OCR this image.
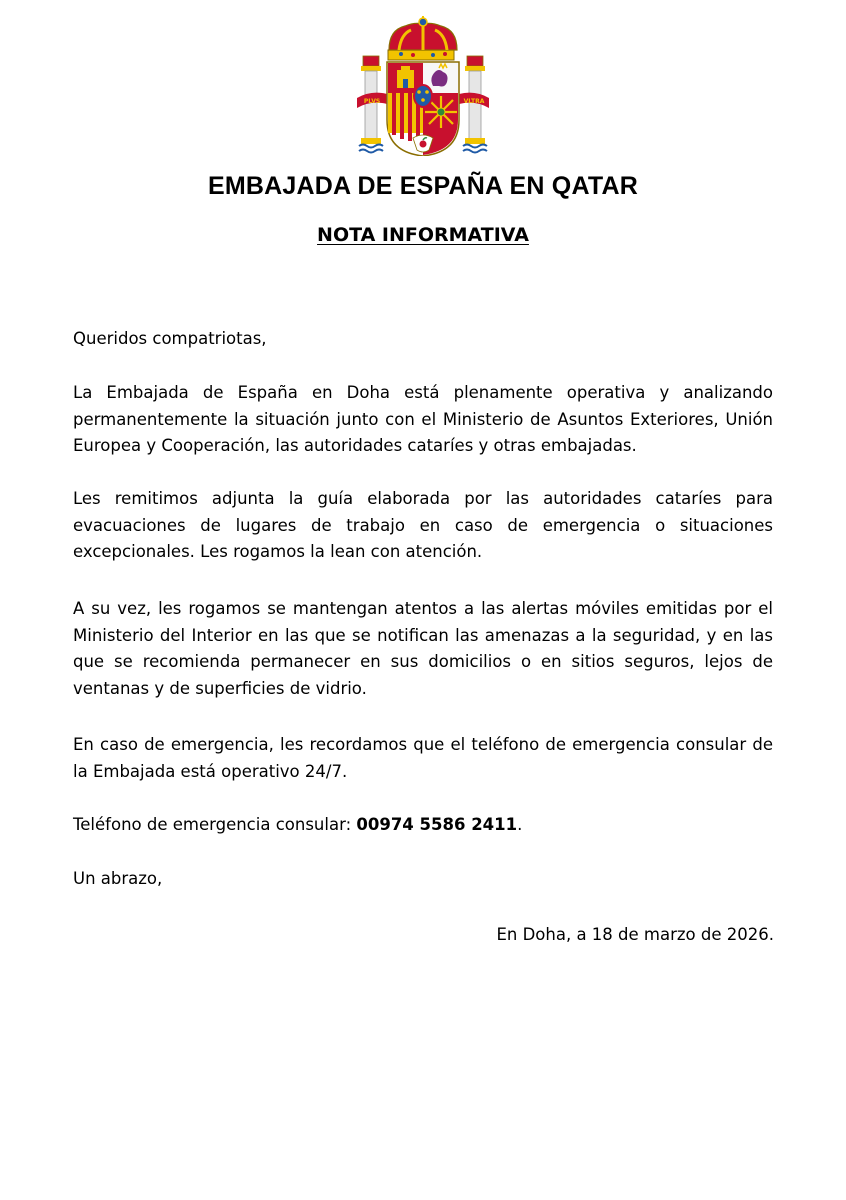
PLVS	VLTRA
EMBAJADA DE ESPAÑA EN QATAR
NOTA INFORMATIVA
Queridos compatriotas,
La Embajada de España en Doha está plenamente operativa y analizando permanentemente la situación junto con el Ministerio de Asuntos Exteriores, Unión Europea y Cooperación, las autoridades cataríes y otras embajadas.
Les remitimos adjunta la guía elaborada por las autoridades cataríes para evacuaciones de lugares de trabajo en caso de emergencia o situaciones excepcionales. Les rogamos la lean con atención.
A su vez, les rogamos se mantengan atentos a las alertas móviles emitidas por el Ministerio del Interior en las que se notifican las amenazas a la seguridad, y en las que se recomienda permanecer en sus domicilios o en sitios seguros, lejos de ventanas y de superficies de vidrio.
En caso de emergencia, les recordamos que el teléfono de emergencia consular de la Embajada está operativo 24/7.
Teléfono de emergencia consular: 00974 5586 2411.
Un abrazo,
En Doha, a 18 de marzo de 2026.
